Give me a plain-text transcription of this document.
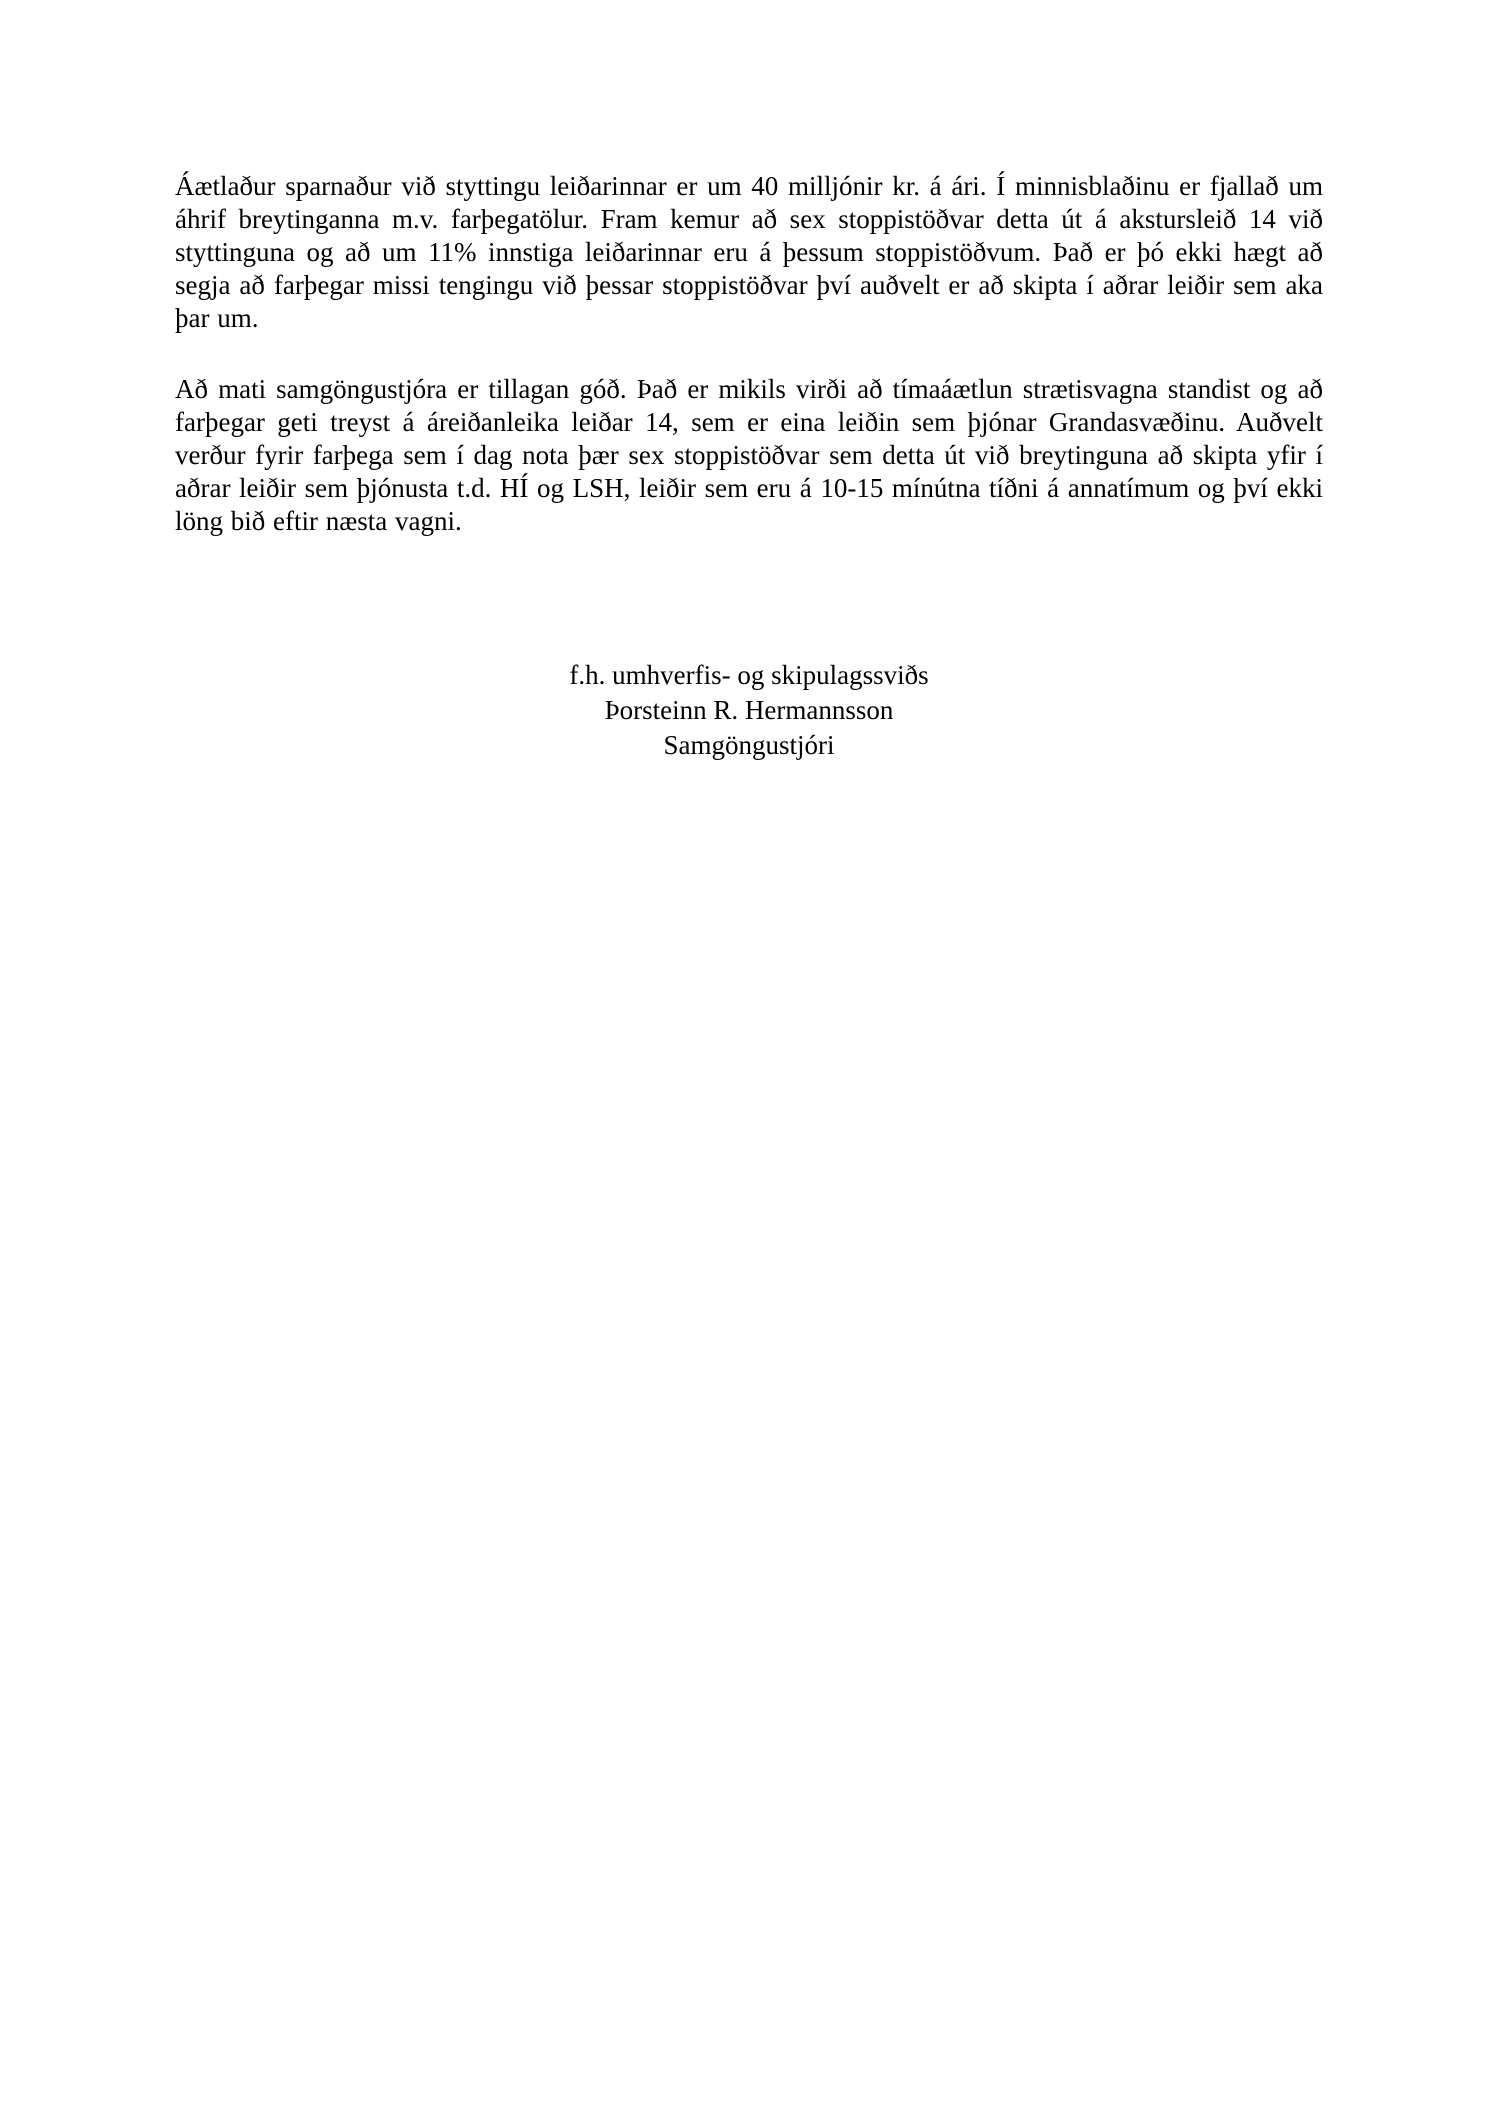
Áætlaður sparnaður við styttingu leiðarinnar er um 40 milljónir kr. á ári. Í minnisblaðinu er fjallað um áhrif breytinganna m.v. farþegatölur. Fram kemur að sex stoppistöðvar detta út á akstursleið 14 við styttinguna og að um 11% innstiga leiðarinnar eru á þessum stoppistöðvum. Það er þó ekki hægt að segja að farþegar missi tengingu við þessar stoppistöðvar því auðvelt er að skipta í aðrar leiðir sem aka þar um.

Að mati samgöngustjóra er tillagan góð. Það er mikils virði að tímaáætlun strætisvagna standist og að farþegar geti treyst á áreiðanleika leiðar 14, sem er eina leiðin sem þjónar Grandasvæðinu. Auðvelt verður fyrir farþega sem í dag nota þær sex stoppistöðvar sem detta út við breytinguna að skipta yfir í aðrar leiðir sem þjónusta t.d. HÍ og LSH, leiðir sem eru á 10-15 mínútna tíðni á annatímum og því ekki löng bið eftir næsta vagni.

f.h. umhverfis- og skipulagssviðs
Þorsteinn R. Hermannsson
Samgöngustjóri
